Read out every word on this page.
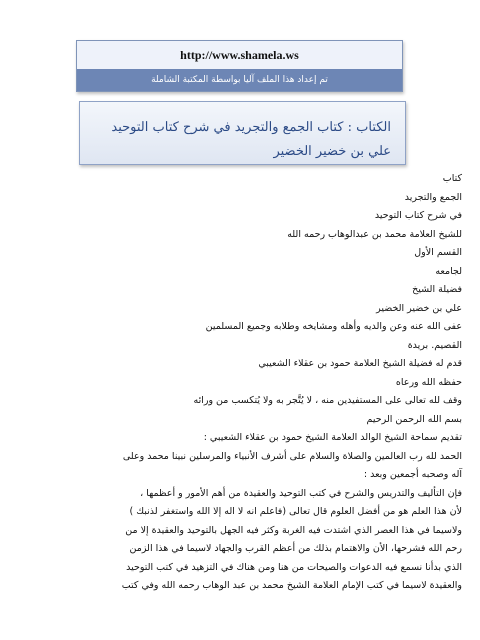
http://www.shamela.ws
تم إعداد هذا الملف آليا بواسطة المكتبة الشاملة
الكتاب : كتاب الجمع والتجريد في شرح كتاب التوحيد
علي بن خضير الخضير
كتاب
الجمع والتجريد
في شرح كتاب التوحيد
للشيخ العلامة محمد بن عبدالوهاب رحمه الله
القسم الأول
لجامعه
فضيلة الشيخ
علي بن خضير الخضير
عفى الله عنه وعن والديه وأهله ومشايخه وطلابه وجميع المسلمين
القصيم. بريدة
قدم له فضيلة الشيخ العلامة حمود بن عقلاء الشعيبي
حفظه الله ورعاه
وقف لله تعالى على المستفيدين منه ، لا يُتَّجر به ولا يُتكسب من ورائه
بسم الله الرحمن الرحيم
تقديم سماحة الشيخ الوالد العلامة الشيخ حمود بن عقلاء الشعيبي :
الحمد لله رب العالمين والصلاة والسلام على أشرف الأنبياء والمرسلين نبينا محمد وعلى
آله وصحبه أجمعين وبعد :
فإن التأليف والتدريس والشرح في كتب التوحيد والعقيدة من أهم الأمور و أعظمها ،
لأن هذا العلم هو من أفضل العلوم قال تعالى (فاعلم انه لا اله إلا الله واستغفر لذنبك )
ولاسيما في هذا العصر الذي اشتدت فيه الغربة وكثر فيه الجهل بالتوحيد والعقيدة إلا من
رحم الله فشرحها، الأن والاهتمام بذلك من أعظم القرب والجهاد لاسيما في هذا الزمن
الذي بدأنا نسمع فيه الدعوات والصيحات من هنا ومن هناك في التزهيد في كتب التوحيد
والعقيدة لاسيما في كتب الإمام العلامة الشيخ محمد بن عبد الوهاب رحمه الله وفي كتب
